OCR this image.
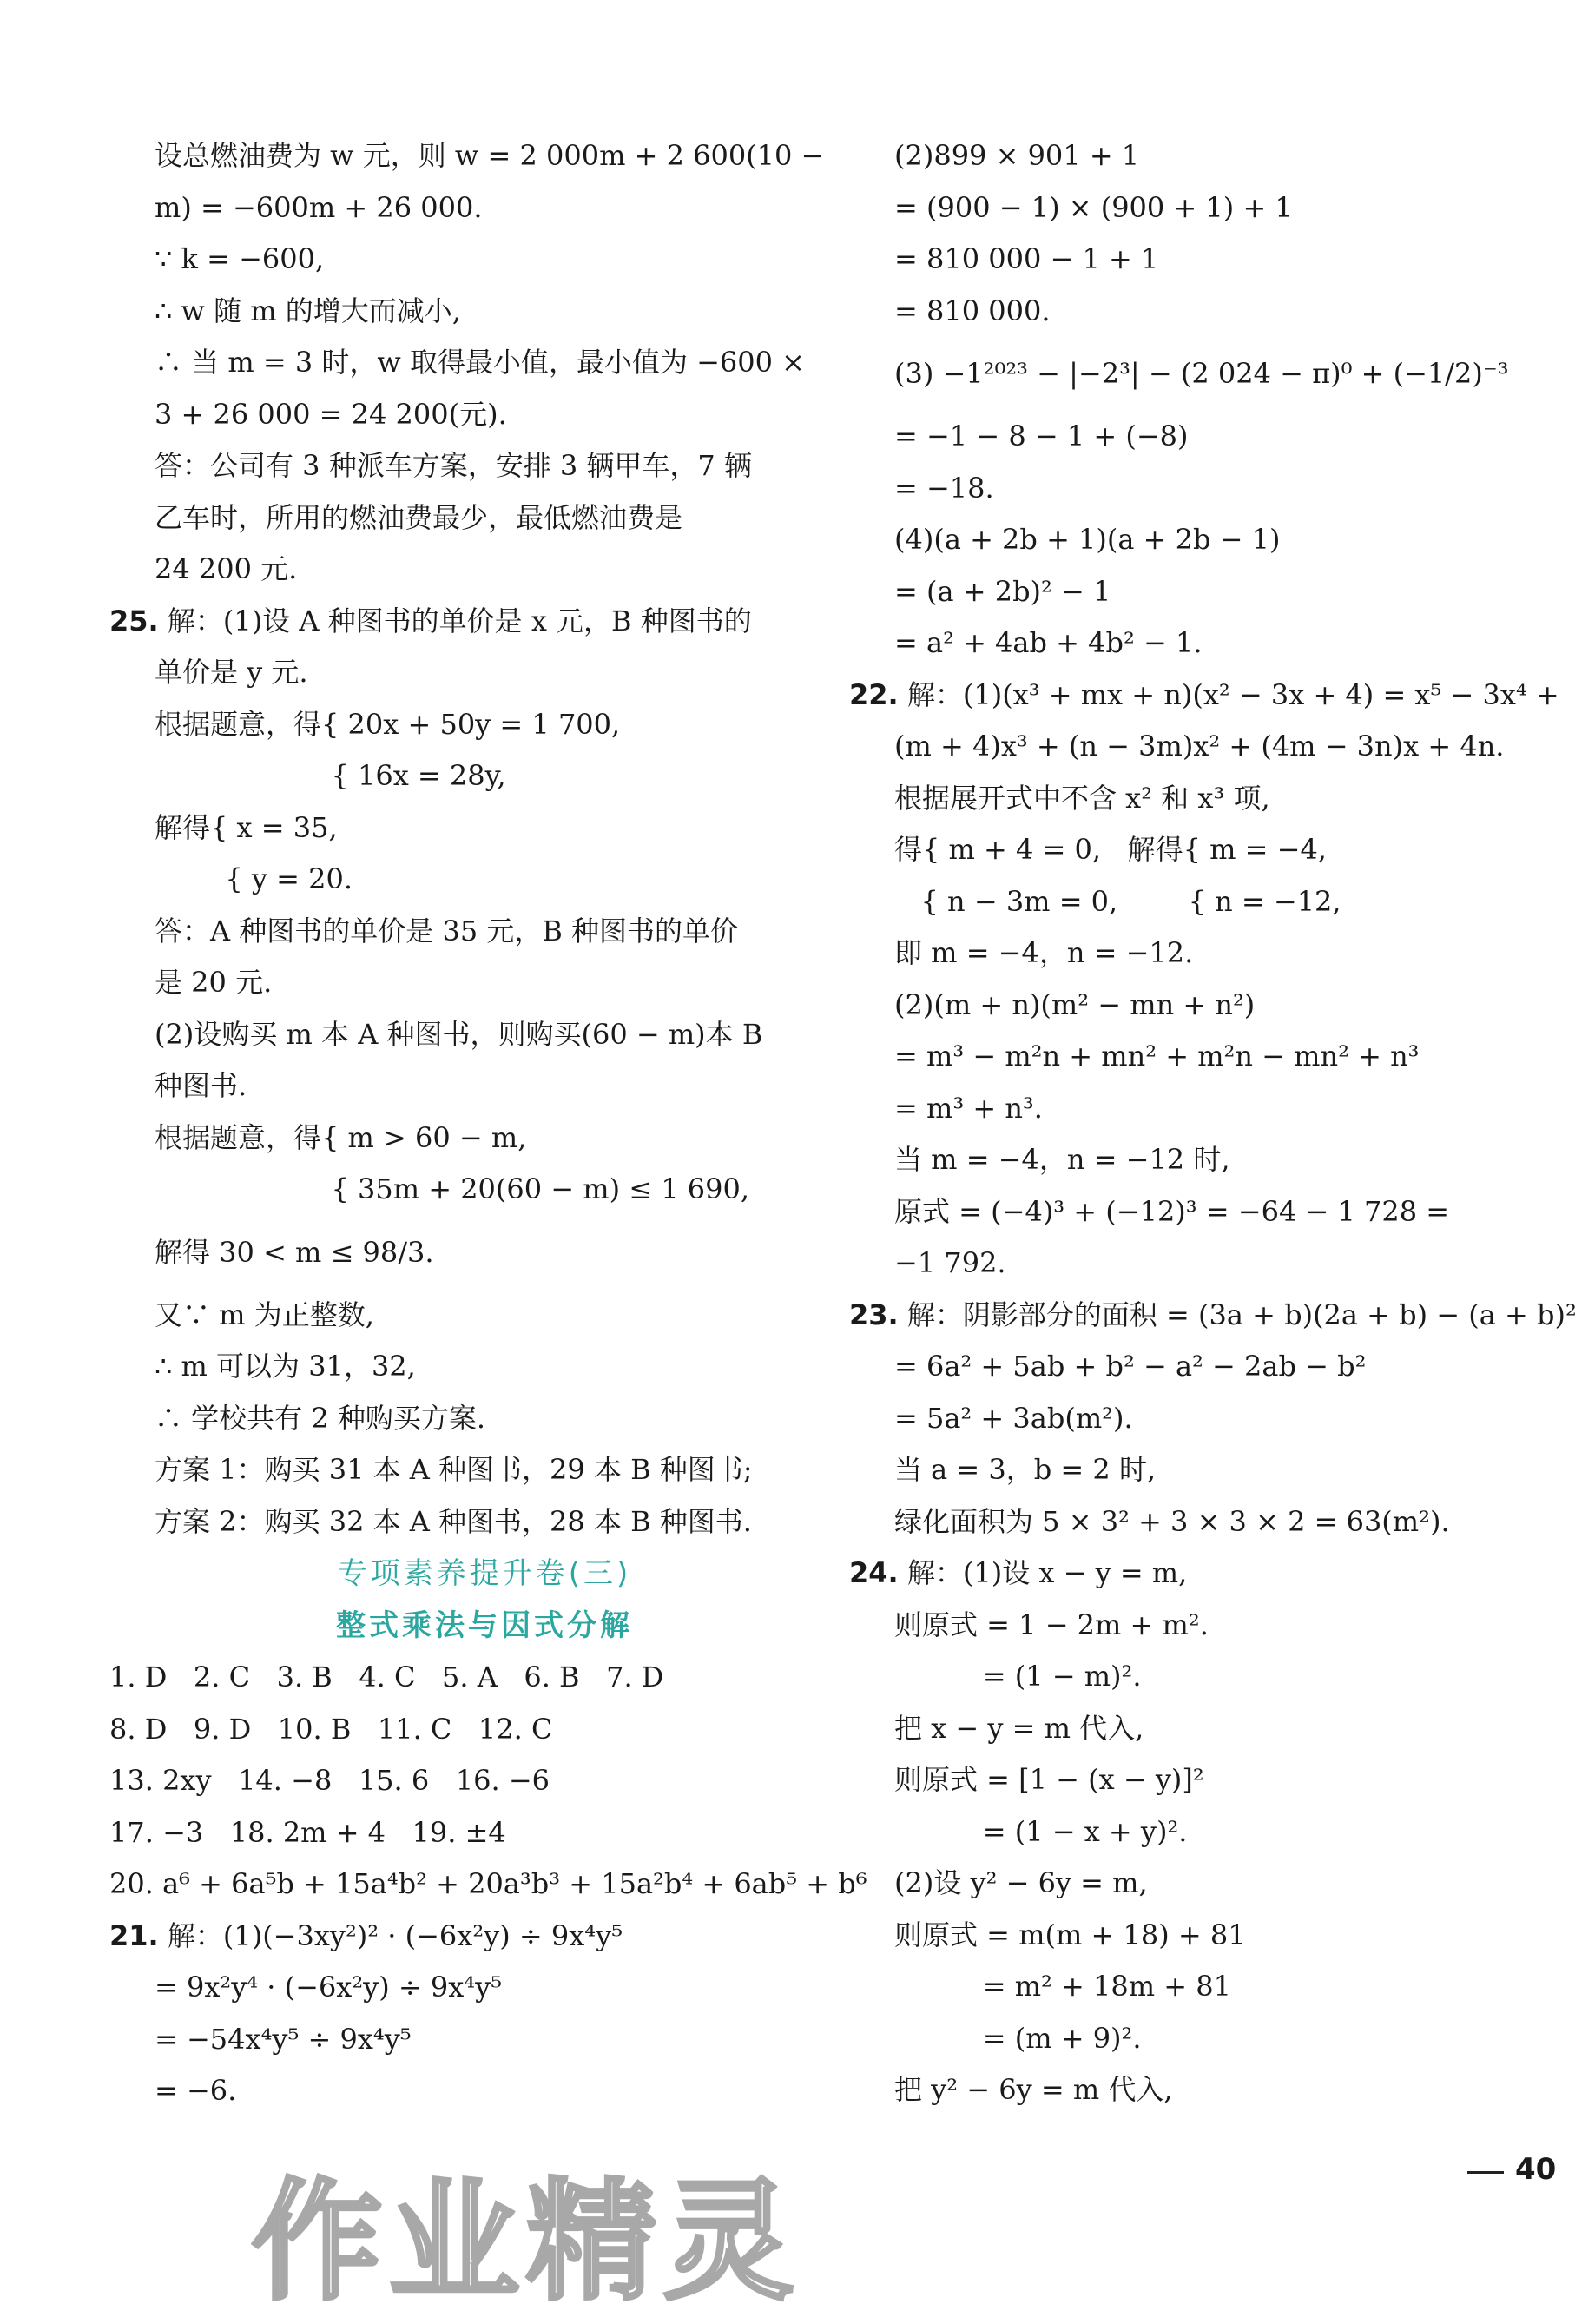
设总燃油费为 w 元，则 w = 2 000m + 2 600(10 −
m) = −600m + 26 000.
∵ k = −600,
∴ w 随 m 的增大而减小,
∴ 当 m = 3 时，w 取得最小值，最小值为 −600 ×
3 + 26 000 = 24 200(元).
答：公司有 3 种派车方案，安排 3 辆甲车，7 辆
乙车时，所用的燃油费最少，最低燃油费是
24 200 元.
25. 解：(1)设 A 种图书的单价是 x 元，B 种图书的
单价是 y 元.
根据题意，得{ 20x + 50y = 1 700,
{ 16x = 28y,
解得{ x = 35,
{ y = 20.
答：A 种图书的单价是 35 元，B 种图书的单价
是 20 元.
(2)设购买 m 本 A 种图书，则购买(60 − m)本 B
种图书.
根据题意，得{ m > 60 − m,
{ 35m + 20(60 − m) ≤ 1 690,
解得 30 < m ≤ 98/3.
又∵ m 为正整数,
∴ m 可以为 31，32,
∴ 学校共有 2 种购买方案.
方案 1：购买 31 本 A 种图书，29 本 B 种图书;
方案 2：购买 32 本 A 种图书，28 本 B 种图书.
专项素养提升卷(三)
整式乘法与因式分解
1. D   2. C   3. B   4. C   5. A   6. B   7. D
8. D   9. D   10. B   11. C   12. C
13. 2xy   14. −8   15. 6   16. −6
17. −3   18. 2m + 4   19. ±4
20. a⁶ + 6a⁵b + 15a⁴b² + 20a³b³ + 15a²b⁴ + 6ab⁵ + b⁶
21. 解：(1)(−3xy²)² · (−6x²y) ÷ 9x⁴y⁵
= 9x²y⁴ · (−6x²y) ÷ 9x⁴y⁵
= −54x⁴y⁵ ÷ 9x⁴y⁵
= −6.
(2)899 × 901 + 1
= (900 − 1) × (900 + 1) + 1
= 810 000 − 1 + 1
= 810 000.
(3) −1²⁰²³ − |−2³| − (2 024 − π)⁰ + (−1/2)⁻³
= −1 − 8 − 1 + (−8)
= −18.
(4)(a + 2b + 1)(a + 2b − 1)
= (a + 2b)² − 1
= a² + 4ab + 4b² − 1.
22. 解：(1)(x³ + mx + n)(x² − 3x + 4) = x⁵ − 3x⁴ +
(m + 4)x³ + (n − 3m)x² + (4m − 3n)x + 4n.
根据展开式中不含 x² 和 x³ 项,
得{ m + 4 = 0,   解得{ m = −4,
{ n − 3m = 0,        { n = −12,
即 m = −4，n = −12.
(2)(m + n)(m² − mn + n²)
= m³ − m²n + mn² + m²n − mn² + n³
= m³ + n³.
当 m = −4，n = −12 时,
原式 = (−4)³ + (−12)³ = −64 − 1 728 =
−1 792.
23. 解：阴影部分的面积 = (3a + b)(2a + b) − (a + b)²
= 6a² + 5ab + b² − a² − 2ab − b²
= 5a² + 3ab(m²).
当 a = 3，b = 2 时,
绿化面积为 5 × 3² + 3 × 3 × 2 = 63(m²).
24. 解：(1)设 x − y = m,
则原式 = 1 − 2m + m².
= (1 − m)².
把 x − y = m 代入,
则原式 = [1 − (x − y)]²
= (1 − x + y)².
(2)设 y² − 6y = m,
则原式 = m(m + 18) + 81
= m² + 18m + 81
= (m + 9)².
把 y² − 6y = m 代入,
作业精灵	40
